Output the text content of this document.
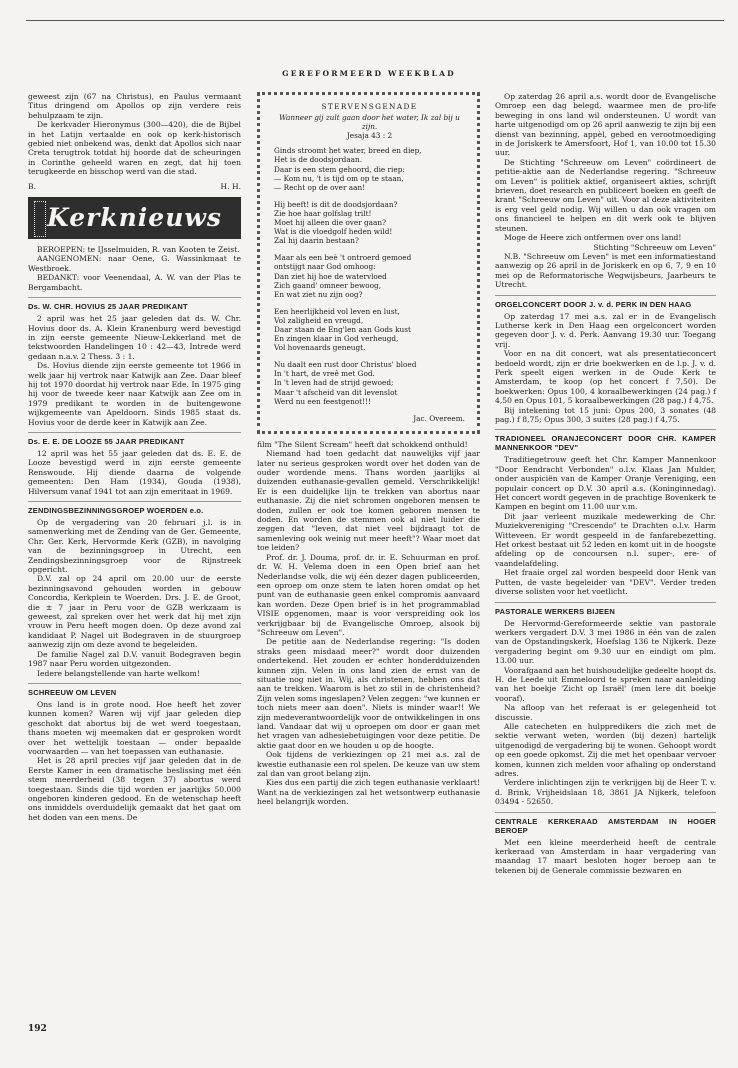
GEREFORMEERD WEEKBLAD

geweest zijn (67 na Christus), en Paulus vermaant Titus dringend om Apollos op zijn verdere reis behulpzaam te zijn.

De kerkvader Hieronymus (300—420), die de Bijbel in het Latijn vertaalde en ook op kerk-historisch gebied niet onbekend was, denkt dat Apollos sich naar Creta terugtrok totdat hij hoorde dat de scheuringen in Corinthe geheeld waren en zegt, dat hij toen terugkeerde en bisschop werd van die stad.

B.	H. H.
Kerknieuws

BEROEPEN: te IJsselmuiden, R. van Kooten te Zeist.

AANGENOMEN: naar Oene, G. Wassinkmaat te Westbroek.

BEDANKT: voor Veenendaal, A. W. van der Plas te Bergambacht.

Ds. W. CHR. HOVIUS 25 JAAR PREDIKANT

2 april was het 25 jaar geleden dat ds. W. Chr. Hovius door ds. A. Klein Kranenburg werd bevestigd in zijn eerste gemeente Nieuw-Lekkerland met de tekstwoorden Handelingen 10 : 42—43, Intrede werd gedaan n.a.v. 2 Thess. 3 : 1.

Ds. Hovius diende zijn eerste gemeente tot 1966 in welk jaar hij vertrok naar Katwijk aan Zee. Daar bleef hij tot 1970 doordat hij vertrok naar Ede. In 1975 ging hij voor de tweede keer naar Katwijk aan Zee om in 1979 predikant te worden in de buitengewone wijkgemeente van Apeldoorn. Sinds 1985 staat ds. Hovius voor de derde keer in Katwijk aan Zee.

Ds. E. E. DE LOOZE 55 JAAR PREDIKANT

12 april was het 55 jaar geleden dat ds. E. E. de Looze bevestigd werd in zijn eerste gemeente Renswoude. Hij diende daarna de volgende gemeenten: Den Ham (1934), Gouda (1938), Hilversum vanaf 1941 tot aan zijn emeritaat in 1969.

ZENDINGSBEZINNINGSGROEP WOERDEN e.o.

Op de vergadering van 20 februari j.l. is in samenwerking met de Zending van de Ger. Gemeente, Chr. Ger. Kerk, Hervormde Kerk (GZB), in navolging van de bezinningsgroep in Utrecht, een Zendingsbezinningsgroep voor de Rijnstreek opgericht.

D.V. zal op 24 april om 20.00 uur de eerste bezinningsavond gehouden worden in gebouw Concordia, Kerkplein te Woerden. Drs. J. E. de Groot, die ± 7 jaar in Peru voor de GZB werkzaam is geweest, zal spreken over het werk dat hij met zijn vrouw in Peru heeft mogen doen. Op deze avond zal kandidaat P. Nagel uit Bodegraven in de stuurgroep aanwezig zijn om deze avond te begeleiden.

De familie Nagel zal D.V. vanuit Bodegraven begin 1987 naar Peru worden uitgezonden.

Iedere belangstellende van harte welkom!

SCHREEUW OM LEVEN

Ons land is in grote nood. Hoe heeft het zover kunnen komen? Waren wij vijf jaar geleden diep geschokt dat abortus bij de wet werd toegestaan, thans moeten wij meemaken dat er gesproken wordt over het wettelijk toestaan — onder bepaalde voorwaarden — van het toepassen van euthanasie.

Het is 28 april precies vijf jaar geleden dat in de Eerste Kamer in een dramatische beslissing met één stem meerderheid (38 tegen 37) abortus werd toegestaan. Sinds die tijd worden er jaarlijks 50.000 ongeboren kinderen gedood. En de wetenschap heeft ons inmiddels overduidelijk gemaakt dat het gaat om het doden van een mens. De

STERVENSGENADE
Wanneer gij zult gaan door het water, Ik zal bij u zijn.
Jesaja 43 : 2
Ginds stroomt het water, breed en diep,
Het is de doodsjordaan.
Daar is een stem gehoord, die riep:
— Kom nu, 't is tijd om op te staan,
— Recht op de over aan!
Hij beeft! is dit de doodsjordaan?
Zie hoe haar golfslag trilt!
Moet hij alleen die over gaan?
Wat is die vloedgolf heden wild!
Zal hij daarin bestaan?
Maar als een beè 't ontroerd gemoed
ontstijgt naar God omhoog:
Dan ziet hij hoe de watervloed
Zich gaand' omneer bewoog,
En wat ziet nu zijn oog?
Een heerlijkheid vol leven en lust,
Vol zaligheid en vreugd,
Daar staan de Eng'len aan Gods kust
En zingen klaar in God verheugd,
Vol hovenaards geneugt.
Nu daalt een rust door Christus' bloed
In 't hart, de vreê met God.
In 't leven had de strijd gewoed;
Maar 't afscheid van dit levenslot
Werd nu een feestgenot!!!
Jac. Overeem.

film "The Silent Scream" heeft dat schokkend onthuld!

Niemand had toen gedacht dat nauwelijks vijf jaar later nu serieus gesproken wordt over het doden van de ouder wordende mens. Thans worden jaarlijks al duizenden euthanasie-gevallen gemeld. Verschrikkelijk! Er is een duidelijke lijn te trekken van abortus naar euthanasie. Zij die niet schromen ongeboren mensen te doden, zullen er ook toe komen geboren mensen te doden. En worden de stemmen ook al niet luider die zeggen dat "leven, dat niet veel bijdraagt tot de samenleving ook weinig nut meer heeft"? Waar moet dat toe leiden?

Prof. dr. J. Douma, prof. dr. ir. E. Schuurman en prof. dr. W. H. Velema doen in een Open brief aan het Nederlandse volk, die wij één dezer dagen publiceerden, een oproep om onze stem te laten horen omdat op het punt van de euthanasie geen enkel compromis aanvaard kan worden. Deze Open brief is in het programmablad VISIE opgenomen, maar is voor verspreiding ook los verkrijgbaar bij de Evangelische Omroep, alsook bij "Schreeuw om Leven".

De petitie aan de Nederlandse regering: "Is doden straks geen misdaad meer?" wordt door duizenden ondertekend. Het zouden er echter honderdduizenden kunnen zijn. Velen in ons land zien de ernst van de situatie nog niet in. Wij, als christenen, hebben ons dat aan te trekken. Waarom is het zo stil in de christenheid? Zijn velen soms ingeslapen? Velen zeggen: "we kunnen er toch niets meer aan doen". Niets is minder waar!! We zijn medeverantwoordelijk voor de ontwikkelingen in ons land. Vandaar dat wij u oproepen om door er gaan met het vragen van adhesiebetuigingen voor deze petitie. De aktie gaat door en we houden u op de hoogte.

Ook tijdens de verkiezingen op 21 mei a.s. zal de kwestie euthanasie een rol spelen. De keuze van uw stem zal dan van groot belang zijn.

Kies dus een partij die zich tegen euthanasie verklaart! Want na de verkiezingen zal het wetsontwerp euthanasie heel belangrijk worden.

Op zaterdag 26 april a.s. wordt door de Evangelische Omroep een dag belegd, waarmee men de pro-life beweging in ons land wil ondersteunen. U wordt van harte uitgenodigd om op 26 april aanwezig te zijn bij een dienst van bezinning, appèl, gebed en verootmoediging in de Joriskerk te Amersfoort, Hof 1, van 10.00 tot 15.30 uur.

De Stichting "Schreeuw om Leven" coördineert de petitie-aktie aan de Nederlandse regering. "Schreeuw om Leven" is politiek aktief, organiseert akties, schrijft brieven, doet research en publiceert boeken en geeft de krant "Schreeuw om Leven" uit. Voor al deze aktiviteiten is erg veel geld nodig. Wij willen u dan ook vragen om ons financieel te helpen en dit werk ook te blijven steunen.

Moge de Heere zich ontfermen over ons land!

Stichting "Schreeuw om Leven"

N.B. "Schreeuw om Leven" is met een informatiestand aanwezig op 26 april in de Joriskerk en op 6, 7, 9 en 10 mei op de Reformatorische Wegwijsbeurs, Jaarbeurs te Utrecht.

ORGELCONCERT DOOR J. v. d. PERK IN DEN HAAG

Op zaterdag 17 mei a.s. zal er in de Evangelisch Lutherse kerk in Den Haag een orgelconcert worden gegeven door J. v. d. Perk. Aanvang 19.30 uur. Toegang vrij.

Voor en na dit concert, wat als presentatieconcert bedoeld wordt, zijn er drie boekwerken en de l.p. J. v. d. Perk speelt eigen werken in de Oude Kerk te Amsterdam, te koop (op het concert f 7,50). De boekwerken: Opus 100, 4 koraalbewerkingen (24 pag.) f 4,50 en Opus 101, 5 koraalbewerkingen (28 pag.) f 4,75.

Bij intekening tot 15 juni: Opus 200, 3 sonates (48 pag.) f 8,75; Opus 300, 3 suites (28 pag.) f 4,75.

TRADIONEEL ORANJECONCERT DOOR CHR. KAMPER MANNENKOOR "DEV"

Traditiegetrouw geeft het Chr. Kamper Mannenkoor "Door Eendracht Verbonden" o.l.v. Klaas Jan Mulder, onder auspiciën van de Kamper Oranje Vereniging, een populair concert op D.V. 30 april a.s. (Koninginnedag). Het concert wordt gegeven in de prachtige Bovenkerk te Kampen en begint om 11.00 uur v.m.

Dit jaar verleent muzikale medewerking de Chr. Muziekvereniging "Crescendo" te Drachten o.l.v. Harm Witteveen. Er wordt gespeeld in de fanfarebezetting. Het orkest bestaat uit 52 leden en komt uit in de hoogste afdeling op de concoursen n.l. super-, ere- of vaandelafdeling.

Het fraaie orgel zal worden bespeeld door Henk van Putten, de vaste begeleider van "DEV". Verder treden diverse solisten voor het voetlicht.

PASTORALE WERKERS BIJEEN

De Hervormd-Gereformeerde sektie van pastorale werkers vergadert D.V. 3 mei 1986 in één van de zalen van de Opstandingskerk, Hoefslag 136 te Nijkerk. Deze vergadering begint om 9.30 uur en eindigt om plm. 13.00 uur.

Voorafgaand aan het huishoudelijke gedeelte hoopt ds. H. de Leede uit Emmeloord te spreken naar aanleiding van het boekje 'Zicht op Israël' (men lere dit boekje vooraf).

Na afloop van het referaat is er gelegenheid tot discussie.

Alle catecheten en hulppredikers die zich met de sektie verwant weten, worden (bij dezen) hartelijk uitgenodigd de vergadering bij te wonen. Gehoopt wordt op een goede opkomst. Zij die met het openbaar vervoer komen, kunnen zich melden voor afhaling op onderstand adres.

Verdere inlichtingen zijn te verkrijgen bij de Heer T. v. d. Brink, Vrijheidslaan 18, 3861 JA Nijkerk, telefoon 03494 - 52650.

CENTRALE KERKERAAD AMSTERDAM IN HOGER BEROEP

Met een kleine meerderheid heeft de centrale kerkeraad van Amsterdam in haar vergadering van maandag 17 maart besloten hoger beroep aan te tekenen bij de Generale commissie bezwaren en

192
